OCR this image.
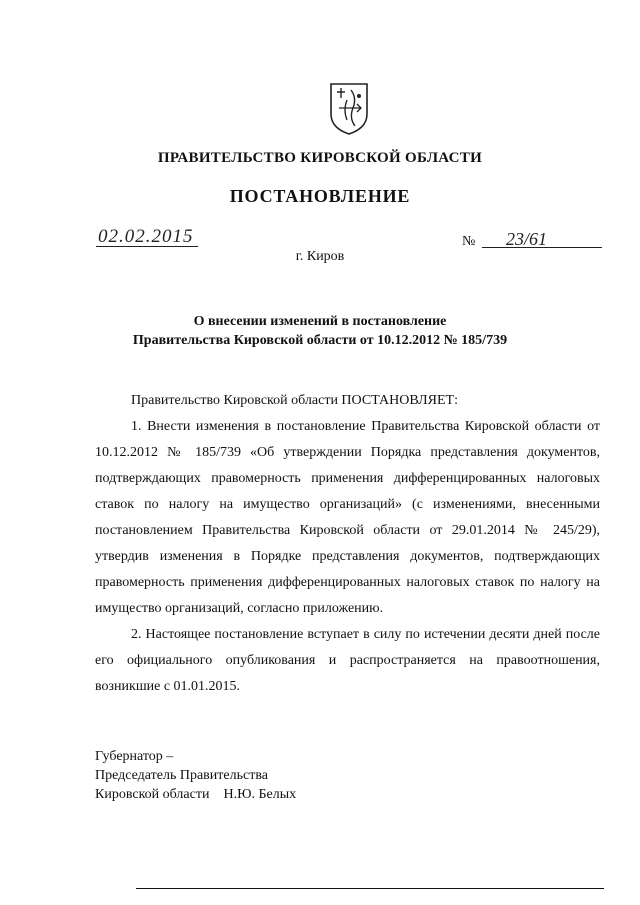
ПРАВИТЕЛЬСТВО КИРОВСКОЙ ОБЛАСТИ
ПОСТАНОВЛЕНИЕ
02.02.2015	№ 23/61
г. Киров
О внесении изменений в постановление
Правительства Кировской области от 10.12.2012 № 185/739

Правительство Кировской области ПОСТАНОВЛЯЕТ:

1. Внести изменения в постановление Правительства Кировской области от 10.12.2012 № 185/739 «Об утверждении Порядка представления документов, подтверждающих правомерность применения дифференцированных налоговых ставок по налогу на имущество организаций» (с изменениями, внесенными постановлением Правительства Кировской области от 29.01.2014 № 245/29), утвердив изменения в Порядке представления документов, подтверждающих правомерность применения дифференцированных налоговых ставок по налогу на имущество организаций, согласно приложению.

2. Настоящее постановление вступает в силу по истечении десяти дней после его официального опубликования и распространяется на правоотношения, возникшие с 01.01.2015.

Губернатор –
Председатель Правительства
Кировской области Н.Ю. Белых
